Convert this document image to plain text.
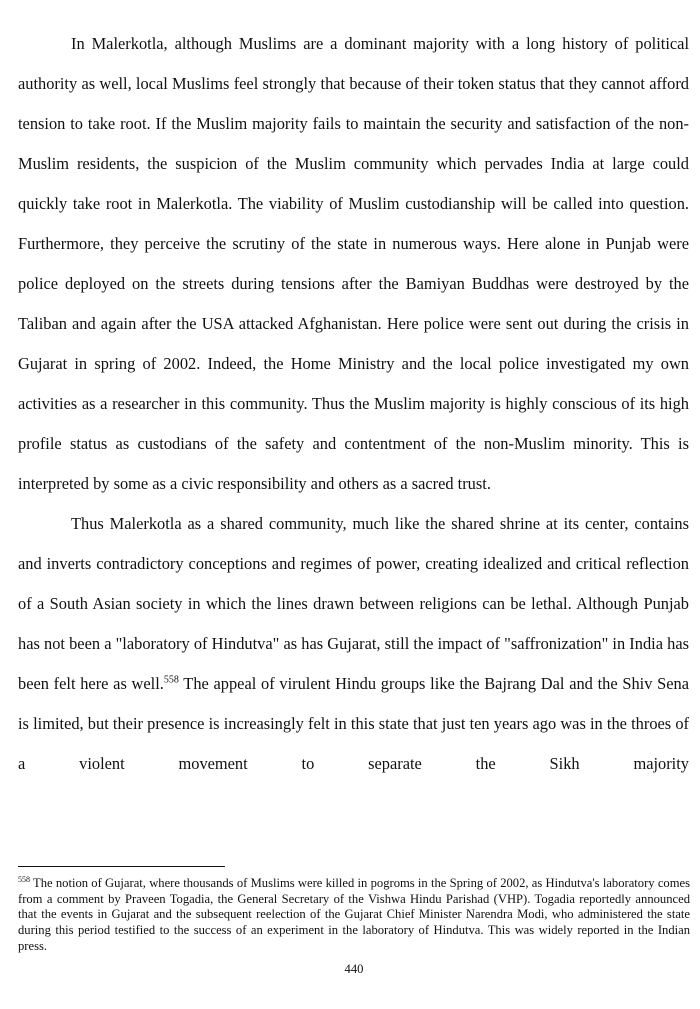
In Malerkotla, although Muslims are a dominant majority with a long history of political authority as well, local Muslims feel strongly that because of their token status that they cannot afford tension to take root. If the Muslim majority fails to maintain the security and satisfaction of the non-Muslim residents, the suspicion of the Muslim community which pervades India at large could quickly take root in Malerkotla. The viability of Muslim custodianship will be called into question. Furthermore, they perceive the scrutiny of the state in numerous ways. Here alone in Punjab were police deployed on the streets during tensions after the Bamiyan Buddhas were destroyed by the Taliban and again after the USA attacked Afghanistan. Here police were sent out during the crisis in Gujarat in spring of 2002. Indeed, the Home Ministry and the local police investigated my own activities as a researcher in this community. Thus the Muslim majority is highly conscious of its high profile status as custodians of the safety and contentment of the non-Muslim minority. This is interpreted by some as a civic responsibility and others as a sacred trust.

Thus Malerkotla as a shared community, much like the shared shrine at its center, contains and inverts contradictory conceptions and regimes of power, creating idealized and critical reflection of a South Asian society in which the lines drawn between religions can be lethal. Although Punjab has not been a "laboratory of Hindutva" as has Gujarat, still the impact of "saffronization" in India has been felt here as well.$^{558}$ The appeal of virulent Hindu groups like the Bajrang Dal and the Shiv Sena is limited, but their presence is increasingly felt in this state that just ten years ago was in the throes of a violent movement to separate the Sikh majority

$^{558}$ The notion of Gujarat, where thousands of Muslims were killed in pogroms in the Spring of 2002, as Hindutva's laboratory comes from a comment by Praveen Togadia, the General Secretary of the Vishwa Hindu Parishad (VHP). Togadia reportedly announced that the events in Gujarat and the subsequent reelection of the Gujarat Chief Minister Narendra Modi, who administered the state during this period testified to the success of an experiment in the laboratory of Hindutva. This was widely reported in the Indian press.
440
